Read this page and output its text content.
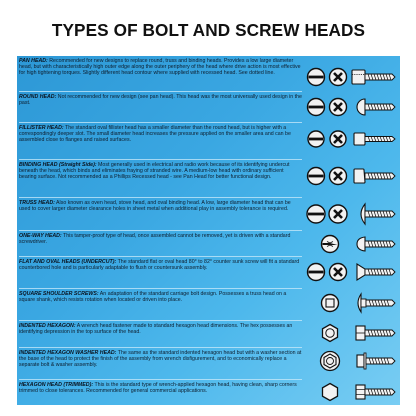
TYPES OF BOLT AND SCREW HEADS
PAN HEAD: Recommended for new designs to replace round, truss and binding heads. Provides a low large diameter head, but with characteristically high outer edge along the outer periphery of the head where drive action is most effective for high tightening torques. Slightly different head contour where supplied with recessed head. See dotted line.
ROUND HEAD: Not recommended for new design (see pan head). This head was the most universally used design in the past.
FILLISTER HEAD: The standard oval fillister head has a smaller diameter than the round head, but is higher with a correspondingly deeper slot. The small diameter head increases the pressure applied on the smaller area and can be assembled close to flanges and raised surfaces.
BINDING HEAD (Straight Side): Most generally used in electrical and radio work because of its identifying undercut beneath the head, which binds and eliminates fraying of stranded wire. A medium-low head with ordinary sufficient bearing surface. Not recommended as a Phillips Recessed head - see Pan Head for better functional design.
TRUSS HEAD: Also known as oven head, stove head, and oval binding head. A low, large diameter head that can be used to cover larger diameter clearance holes in sheet metal when additional play in assembly tolerance is required.
ONE-WAY HEAD: This tamper-proof type of head, once assembled cannot be removed, yet is driven with a standard screwdriver.
FLAT AND OVAL HEADS (UNDERCUT): The standard flat or oval head 80° to 82° counter sunk screw will fit a standard counterbored hole and is particularly adaptable to flush or countersunk assembly.
SQUARE SHOULDER SCREWS: An adaptation of the standard carriage bolt design. Possesses a truss head on a square shank, which resists rotation when located or driven into place.
INDENTED HEXAGON: A wrench head fastener made to standard hexagon head dimensions. The hex possesses an identifying depression in the top surface of the head.
INDENTED HEXAGON WASHER HEAD: The same as the standard indented hexagon head but with a washer section at the base of the head to protect the finish of the assembly from wrench disfigurement, and to economically replace a separate bolt & washer assembly.
HEXAGON HEAD (TRIMMED): This is the standard type of wrench-applied hexagon head, having clean, sharp corners trimmed to close tolerances. Recommended for general commercial applications.
